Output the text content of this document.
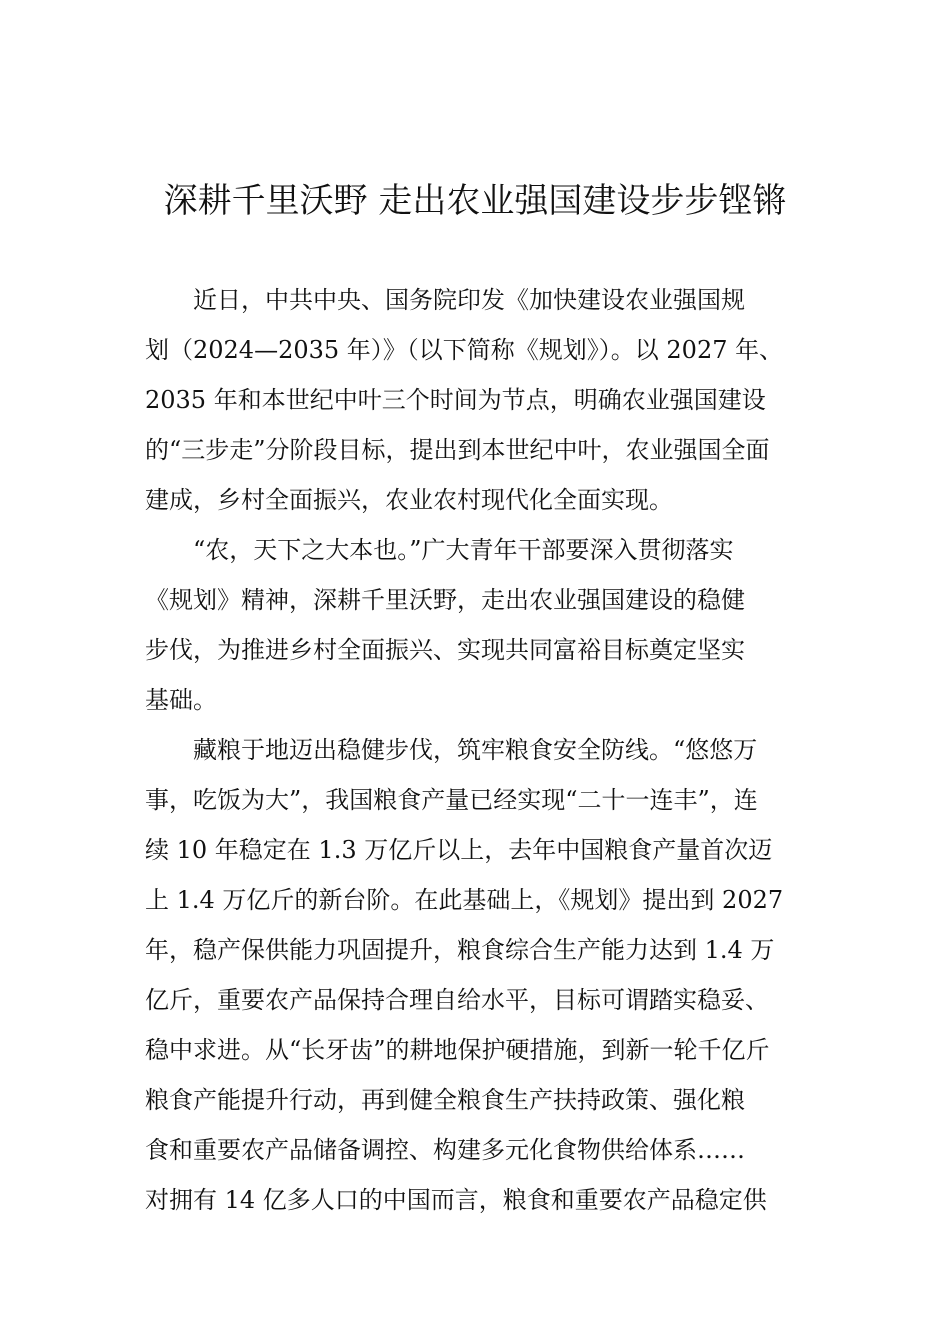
深耕千里沃野 走出农业强国建设步步铿锵
近日，中共中央、国务院印发《加快建设农业强国规
划（2024—2035 年）》（以下简称《规划》）。以 2027 年、
2035 年和本世纪中叶三个时间为节点，明确农业强国建设
的“三步走”分阶段目标，提出到本世纪中叶，农业强国全面
建成，乡村全面振兴，农业农村现代化全面实现。
“农，天下之大本也。”广大青年干部要深入贯彻落实
《规划》精神，深耕千里沃野，走出农业强国建设的稳健
步伐，为推进乡村全面振兴、实现共同富裕目标奠定坚实
基础。
藏粮于地迈出稳健步伐，筑牢粮食安全防线。“悠悠万
事，吃饭为大”，我国粮食产量已经实现“二十一连丰”，连
续 10 年稳定在 1.3 万亿斤以上，去年中国粮食产量首次迈
上 1.4 万亿斤的新台阶。在此基础上，《规划》提出到 2027
年，稳产保供能力巩固提升，粮食综合生产能力达到 1.4 万
亿斤，重要农产品保持合理自给水平，目标可谓踏实稳妥、
稳中求进。从“长牙齿”的耕地保护硬措施，到新一轮千亿斤
粮食产能提升行动，再到健全粮食生产扶持政策、强化粮
食和重要农产品储备调控、构建多元化食物供给体系……
对拥有 14 亿多人口的中国而言，粮食和重要农产品稳定供
